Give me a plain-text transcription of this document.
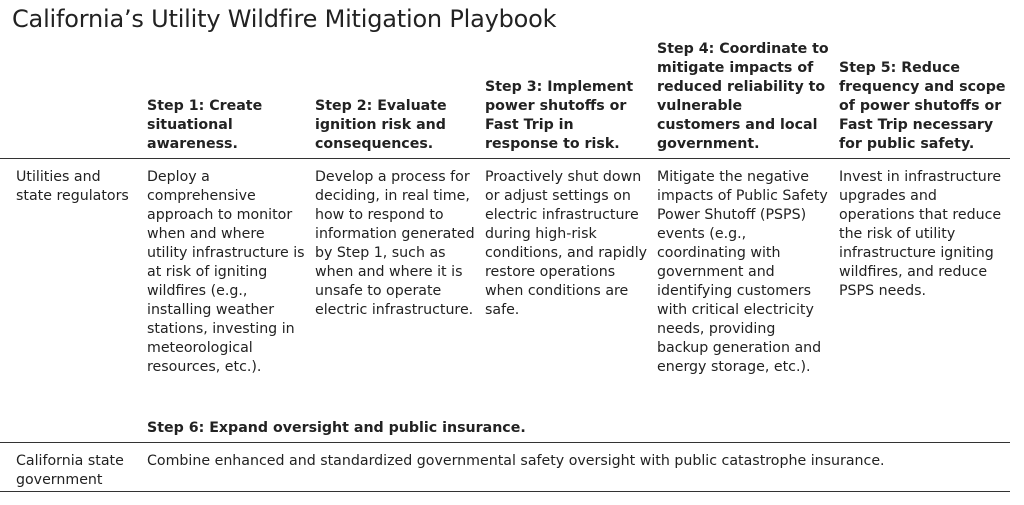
California’s Utility Wildfire Mitigation Playbook
Step 1: Create situational awareness.
Step 2: Evaluate ignition risk and consequences.
Step 3: Implement power shutoffs or Fast Trip in response to risk.
Step 4: Coordinate to mitigate impacts of reduced reliability to vulnerable customers and local government.
Step 5: Reduce frequency and scope of power shutoffs or Fast Trip necessary for public safety.
Utilities and state regulators
Deploy a comprehensive approach to monitor when and where utility infrastructure is at risk of igniting wildfires (e.g., installing weather stations, investing in meteorological resources, etc.).
Develop a process for deciding, in real time, how to respond to information generated by Step 1, such as when and where it is unsafe to operate electric infrastructure.
Proactively shut down or adjust settings on electric infrastructure during high-risk conditions, and rapidly restore operations when conditions are safe.
Mitigate the negative impacts of Public Safety Power Shutoff (PSPS) events (e.g., coordinating with government and identifying customers with critical electricity needs, providing backup generation and energy storage, etc.).
Invest in infrastructure upgrades and operations that reduce the risk of utility infrastructure igniting wildfires, and reduce PSPS needs.
Step 6: Expand oversight and public insurance.
California state government
Combine enhanced and standardized governmental safety oversight with public catastrophe insurance.
